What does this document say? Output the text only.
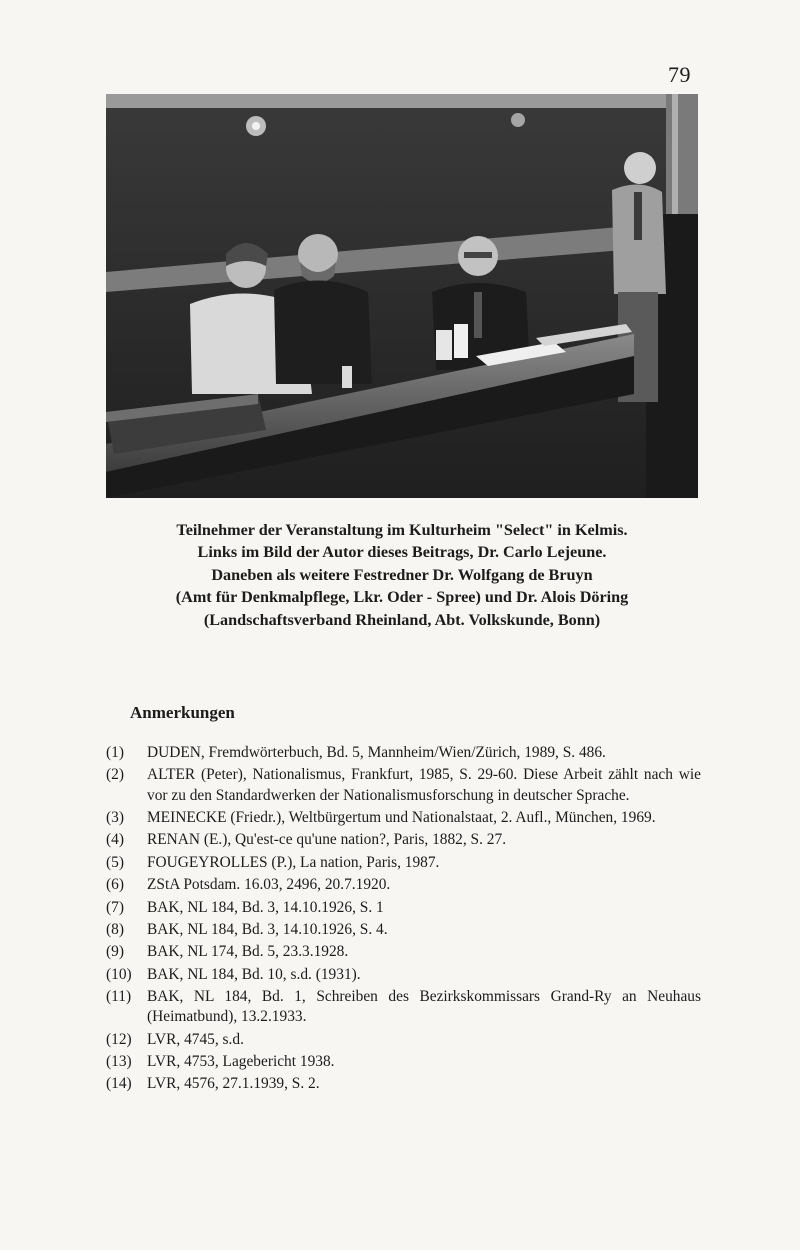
79
Teilnehmer der Veranstaltung im Kulturheim "Select" in Kelmis.
Links im Bild der Autor dieses Beitrags, Dr. Carlo Lejeune.
Daneben als weitere Festredner Dr. Wolfgang de Bruyn
(Amt für Denkmalpflege, Lkr. Oder - Spree) und Dr. Alois Döring
(Landschaftsverband Rheinland, Abt. Volkskunde, Bonn)
Anmerkungen
(1)	DUDEN, Fremdwörterbuch, Bd. 5, Mannheim/Wien/Zürich, 1989, S. 486.
(2)	ALTER (Peter), Nationalismus, Frankfurt, 1985, S. 29-60. Diese Arbeit zählt nach wie vor zu den Standardwerken der Nationalismusforschung in deutscher Sprache.
(3)	MEINECKE (Friedr.), Weltbürgertum und Nationalstaat, 2. Aufl., München, 1969.
(4)	RENAN (E.), Qu'est-ce qu'une nation?, Paris, 1882, S. 27.
(5)	FOUGEYROLLES (P.), La nation, Paris, 1987.
(6)	ZStA Potsdam. 16.03, 2496, 20.7.1920.
(7)	BAK, NL 184, Bd. 3, 14.10.1926, S. 1
(8)	BAK, NL 184, Bd. 3, 14.10.1926, S. 4.
(9)	BAK, NL 174, Bd. 5, 23.3.1928.
(10) BAK, NL 184, Bd. 10, s.d. (1931).
(11)	BAK, NL 184, Bd. 1, Schreiben des Bezirkskommissars Grand-Ry an Neuhaus (Heimatbund), 13.2.1933.
(12) LVR, 4745, s.d.
(13) LVR, 4753, Lagebericht 1938.
(14) LVR, 4576, 27.1.1939, S. 2.
